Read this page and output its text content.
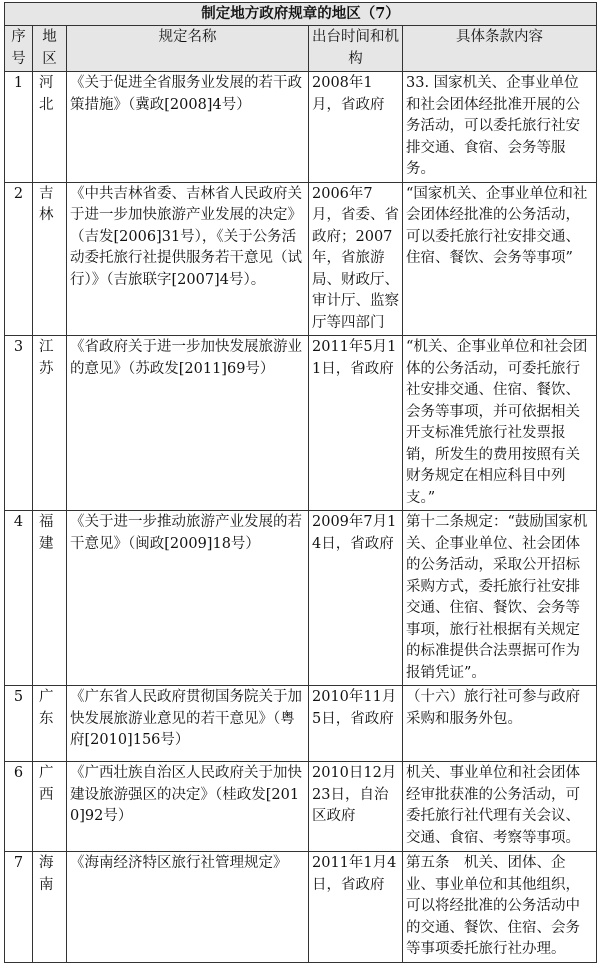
制定地方政府规章的地区（7）				
序号	地区	规定名称	出台时间和机构	具体条款内容
1	河北	《关于促进全省服务业发展的若干政策措施》（冀政[2008]4号）	2008年1月，省政府	33. 国家机关、企事业单位和社会团体经批准开展的公务活动，可以委托旅行社安排交通、食宿、会务等服务。
2	吉林	《中共吉林省委、吉林省人民政府关于进一步加快旅游产业发展的决定》（吉发[2006]31号），《关于公务活动委托旅行社提供服务若干意见（试行）》（吉旅联字[2007]4号）。	2006年7月，省委、省政府；2007年，省旅游局、财政厅、审计厅、监察厅等四部门	“国家机关、企事业单位和社会团体经批准的公务活动，可以委托旅行社安排交通、住宿、餐饮、会务等事项”
3	江苏	《省政府关于进一步加快发展旅游业的意见》（苏政发[2011]69号）	2011年5月11日，省政府	“机关、企事业单位和社会团体的公务活动，可委托旅行社安排交通、住宿、餐饮、会务等事项，并可依据相关开支标准凭旅行社发票报销，所发生的费用按照有关财务规定在相应科目中列支。”
4	福建	《关于进一步推动旅游产业发展的若干意见》（闽政[2009]18号）	2009年7月14日，省政府	第十二条规定：“鼓励国家机关、企事业单位、社会团体的公务活动，采取公开招标采购方式，委托旅行社安排交通、住宿、餐饮、会务等事项，旅行社根据有关规定的标准提供合法票据可作为报销凭证”。
5	广东	《广东省人民政府贯彻国务院关于加快发展旅游业意见的若干意见》（粤府[2010]156号）	2010年11月5日，省政府	（十六）旅行社可参与政府采购和服务外包。
6	广西	《广西壮族自治区人民政府关于加快建设旅游强区的决定》（桂政发[2010]92号）	2010日12月23日，自治区政府	机关、事业单位和社会团体经审批获准的公务活动，可委托旅行社代理有关会议、交通、食宿、考察等事项。
7	海南	《海南经济特区旅行社管理规定》	2011年1月4日，省政府	第五条　机关、团体、企业、事业单位和其他组织，可以将经批准的公务活动中的交通、餐饮、住宿、会务等事项委托旅行社办理。
